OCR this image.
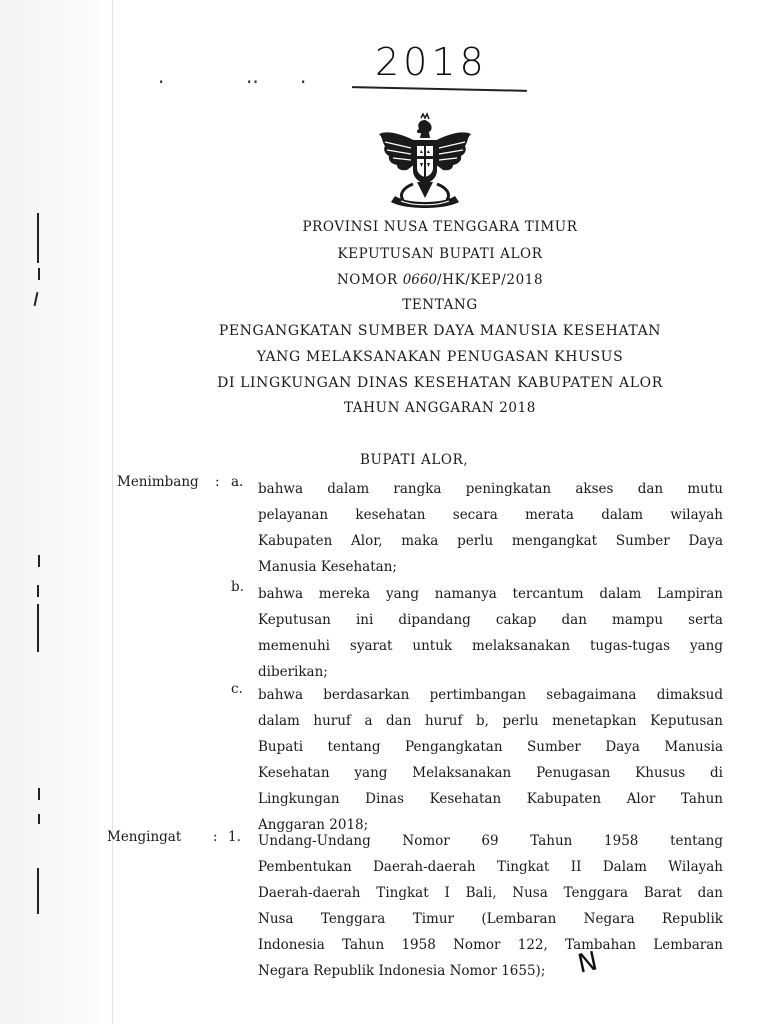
·	·· · 2018
PROVINSI NUSA TENGGARA TIMUR
KEPUTUSAN BUPATI ALOR
NOMOR 0660/HK/KEP/2018
TENTANG
PENGANGKATAN SUMBER DAYA MANUSIA KESEHATAN
YANG MELAKSANAKAN PENUGASAN KHUSUS
DI LINGKUNGAN DINAS KESEHATAN KABUPATEN ALOR
TAHUN ANGGARAN 2018
BUPATI ALOR,
Menimbang : a. bahwa dalam rangka peningkatan akses dan mutu
pelayanan kesehatan secara merata dalam wilayah
Kabupaten Alor, maka perlu mengangkat Sumber Daya
Manusia Kesehatan;
b. bahwa mereka yang namanya tercantum dalam Lampiran
Keputusan ini dipandang cakap dan mampu serta
memenuhi syarat untuk melaksanakan tugas-tugas yang
diberikan;
c. bahwa berdasarkan pertimbangan sebagaimana dimaksud
dalam huruf a dan huruf b, perlu menetapkan Keputusan
Bupati tentang Pengangkatan Sumber Daya Manusia
Kesehatan yang Melaksanakan Penugasan Khusus di
Lingkungan Dinas Kesehatan Kabupaten Alor Tahun
Anggaran 2018;
Mengingat : 1. Undang-Undang Nomor 69 Tahun 1958 tentang
Pembentukan Daerah-daerah Tingkat II Dalam Wilayah
Daerah-daerah Tingkat I Bali, Nusa Tenggara Barat dan
Nusa Tenggara Timur (Lembaran Negara Republik
Indonesia Tahun 1958 Nomor 122, Tambahan Lembaran
Negara Republik Indonesia Nomor 1655);	N
